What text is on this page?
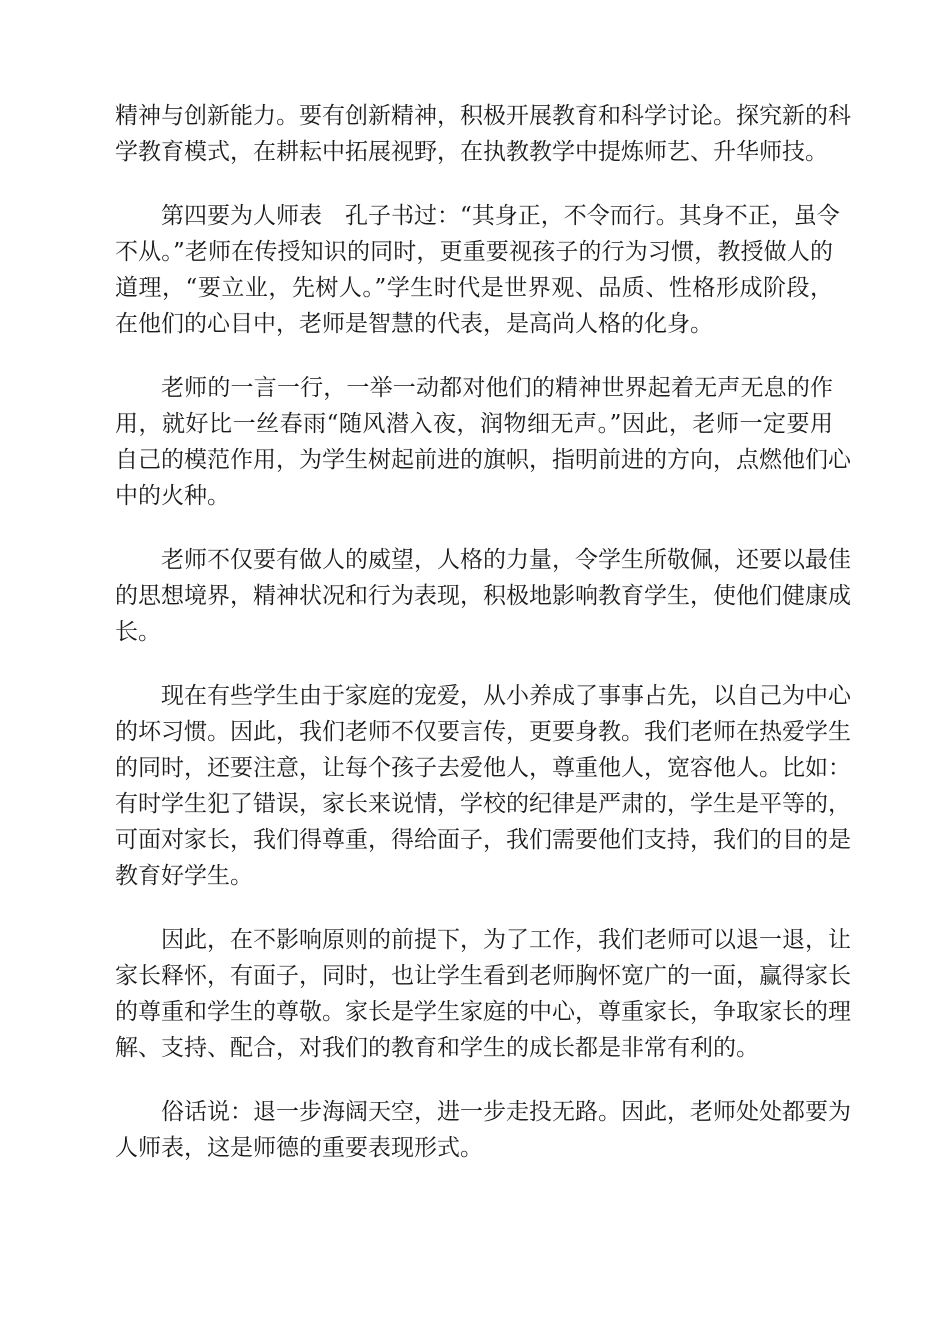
精神与创新能力。要有创新精神，积极开展教育和科学讨论。探究新的科
学教育模式，在耕耘中拓展视野，在执教教学中提炼师艺、升华师技。
第四要为人师表　孔子书过：“其身正，不令而行。其身不正，虽令
不从。”老师在传授知识的同时，更重要视孩子的行为习惯，教授做人的
道理，“要立业，先树人。”学生时代是世界观、品质、性格形成阶段，
在他们的心目中，老师是智慧的代表，是高尚人格的化身。
老师的一言一行，一举一动都对他们的精神世界起着无声无息的作
用，就好比一丝春雨“随风潜入夜，润物细无声。”因此，老师一定要用
自己的模范作用，为学生树起前进的旗帜，指明前进的方向，点燃他们心
中的火种。
老师不仅要有做人的威望，人格的力量，令学生所敬佩，还要以最佳
的思想境界，精神状况和行为表现，积极地影响教育学生，使他们健康成
长。
现在有些学生由于家庭的宠爱，从小养成了事事占先，以自己为中心
的坏习惯。因此，我们老师不仅要言传，更要身教。我们老师在热爱学生
的同时，还要注意，让每个孩子去爱他人，尊重他人，宽容他人。比如：
有时学生犯了错误，家长来说情，学校的纪律是严肃的，学生是平等的，
可面对家长，我们得尊重，得给面子，我们需要他们支持，我们的目的是
教育好学生。
因此，在不影响原则的前提下，为了工作，我们老师可以退一退，让
家长释怀，有面子，同时，也让学生看到老师胸怀宽广的一面，赢得家长
的尊重和学生的尊敬。家长是学生家庭的中心，尊重家长，争取家长的理
解、支持、配合，对我们的教育和学生的成长都是非常有利的。
俗话说：退一步海阔天空，进一步走投无路。因此，老师处处都要为
人师表，这是师德的重要表现形式。
